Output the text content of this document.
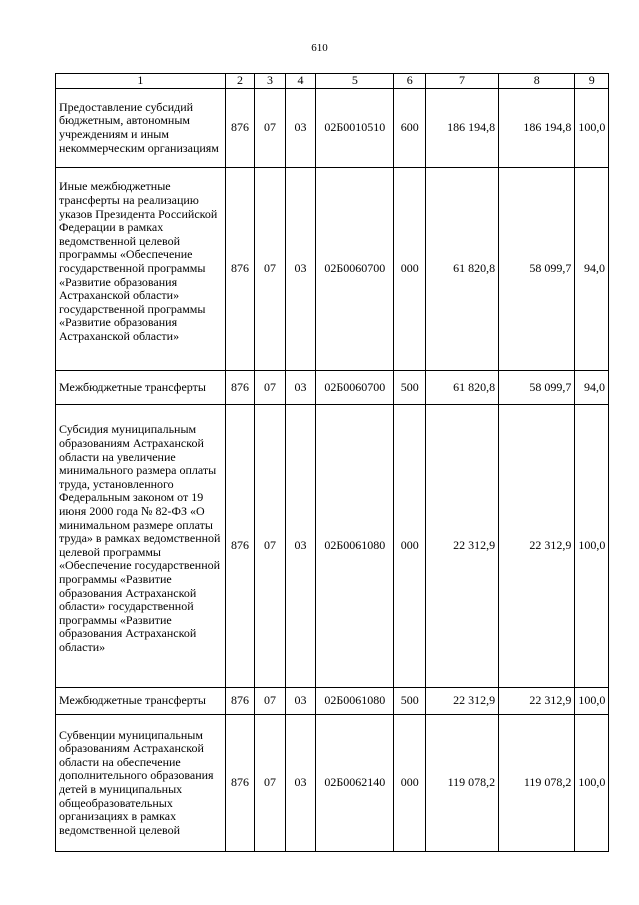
610
1	2	3	4	5	6	7	8	9
Предоставление субсидий бюджетным, автономным учреждениям и иным некоммерческим организациям	876	07	03	02Б0010510	600	186 194,8	186 194,8	100,0
Иные межбюджетные трансферты на реализацию указов Президента Российской Федерации в рамках ведомственной целевой программы «Обеспечение государственной программы «Развитие образования Астраханской области» государственной программы «Развитие образования Астраханской области»	876	07	03	02Б0060700	000	61 820,8	58 099,7	94,0
Межбюджетные трансферты	876	07	03	02Б0060700	500	61 820,8	58 099,7	94,0
Субсидия муниципальным образованиям Астраханской области на увеличение минимального размера оплаты труда, установленного Федеральным законом от 19 июня 2000 года № 82-ФЗ «О минимальном размере оплаты труда» в рамках ведомственной целевой программы «Обеспечение государственной программы «Развитие образования Астраханской области» государственной программы «Развитие образования Астраханской области»	876	07	03	02Б0061080	000	22 312,9	22 312,9	100,0
Межбюджетные трансферты	876	07	03	02Б0061080	500	22 312,9	22 312,9	100,0
Субвенции муниципальным образованиям Астраханской области на обеспечение дополнительного образования детей в муниципальных общеобразовательных организациях в рамках ведомственной целевой	876	07	03	02Б0062140	000	119 078,2	119 078,2	100,0
